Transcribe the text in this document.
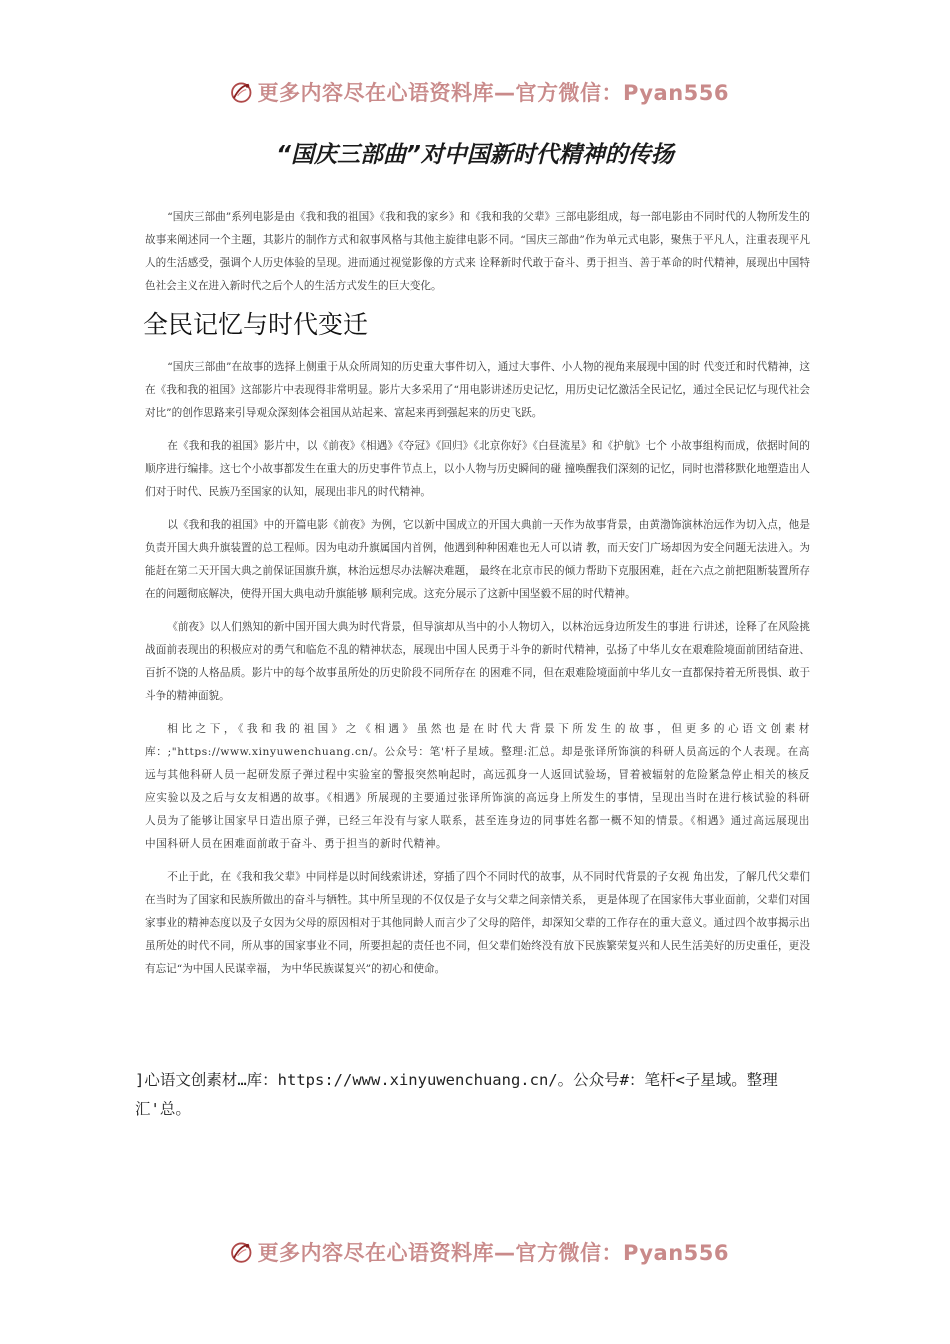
更多内容尽在心语资料库—官方微信：Pyan556
“国庆三部曲”对中国新时代精神的传扬

“国庆三部曲”系列电影是由《我和我的祖国》《我和我的家乡》和《我和我的父辈》三部电影组成，每一部电影由不同时代的人物所发生的故事来阐述同一个主题，其影片的制作方式和叙事风格与其他主旋律电影不同。“国庆三部曲”作为单元式电影，聚焦于平凡人，注重表现平凡人的生活感受，强调个人历史体验的呈现。进而通过视觉影像的方式来 诠释新时代敢于奋斗、勇于担当、善于革命的时代精神，展现出中国特色社会主义在进入新时代之后个人的生活方式发生的巨大变化。

全民记忆与时代变迁

“国庆三部曲”在故事的选择上侧重于从众所周知的历史重大事件切入，通过大事件、小人物的视角来展现中国的时 代变迁和时代精神，这在《我和我的祖国》这部影片中表现得非常明显。影片大多采用了“用电影讲述历史记忆，用历史记忆激活全民记忆，通过全民记忆与现代社会对比”的创作思路来引导观众深刻体会祖国从站起来、富起来再到强起来的历史飞跃。

在《我和我的祖国》影片中，以《前夜》《相遇》《夺冠》《回归》《北京你好》《白昼流星》和《护航》七个 小故事组构而成，依据时间的顺序进行编排。这七个小故事都发生在重大的历史事件节点上，以小人物与历史瞬间的碰 撞唤醒我们深刻的记忆，同时也潜移默化地塑造出人们对于时代、民族乃至国家的认知，展现出非凡的时代精神。

以《我和我的祖国》中的开篇电影《前夜》为例，它以新中国成立的开国大典前一天作为故事背景，由黄渤饰演林治远作为切入点，他是负责开国大典升旗装置的总工程师。因为电动升旗属国内首例，他遇到种种困难也无人可以请 教，而天安门广场却因为安全问题无法进入。为能赶在第二天开国大典之前保证国旗升旗，林治远想尽办法解决难题， 最终在北京市民的倾力帮助下克服困难，赶在六点之前把阻断装置所存在的问题彻底解决，使得开国大典电动升旗能够 顺利完成。这充分展示了这新中国坚毅不屈的时代精神。

《前夜》以人们熟知的新中国开国大典为时代背景，但导演却从当中的小人物切入，以林治远身边所发生的事进 行讲述，诠释了在风险挑战面前表现出的积极应对的勇气和临危不乱的精神状态，展现出中国人民勇于斗争的新时代精神，弘扬了中华儿女在艰难险境面前团结奋进、百折不饶的人格品质。影片中的每个故事虽所处的历史阶段不同所存在 的困难不同，但在艰难险境面前中华儿女一直都保持着无所畏惧、敢于斗争的精神面貌。

相比之下，《我和我的祖国》之《相遇》虽然也是在时代大背景下所发生的故事，但更多的心语文创素材库：;"https://www.xinyuwenchuang.cn/。公众号：笔'杆子星域。整理:汇总。却是张译所饰演的科研人员高远的个人表现。在高远与其他科研人员一起研发原子弹过程中实验室的警报突然响起时，高远孤身一人返回试验场，冒着被辐射的危险紧急停止相关的核反应实验以及之后与女友相遇的故事。《相遇》所展现的主要通过张译所饰演的高远身上所发生的事情，呈现出当时在进行核试验的科研人员为了能够让国家早日造出原子弹，已经三年没有与家人联系，甚至连身边的同事姓名都一概不知的情景。《相遇》通过高远展现出中国科研人员在困难面前敢于奋斗、勇于担当的新时代精神。

不止于此，在《我和我父辈》中同样是以时间线索讲述，穿插了四个不同时代的故事，从不同时代背景的子女视 角出发，了解几代父辈们在当时为了国家和民族所做出的奋斗与牺牲。其中所呈现的不仅仅是子女与父辈之间亲情关系， 更是体现了在国家伟大事业面前，父辈们对国家事业的精神态度以及子女因为父母的原因相对于其他同龄人而言少了父母的陪伴，却深知父辈的工作存在的重大意义。通过四个故事揭示出虽所处的时代不同，所从事的国家事业不同，所要担起的责任也不同，但父辈们始终没有放下民族繁荣复兴和人民生活美好的历史重任，更没有忘记“为中国人民谋幸福， 为中华民族谋复兴”的初心和使命。

]心语文创素材…库：https://www.xinyuwenchuang.cn/。公众号#：笔杆<子星域。整理汇'总。

更多内容尽在心语资料库—官方微信：Pyan556
